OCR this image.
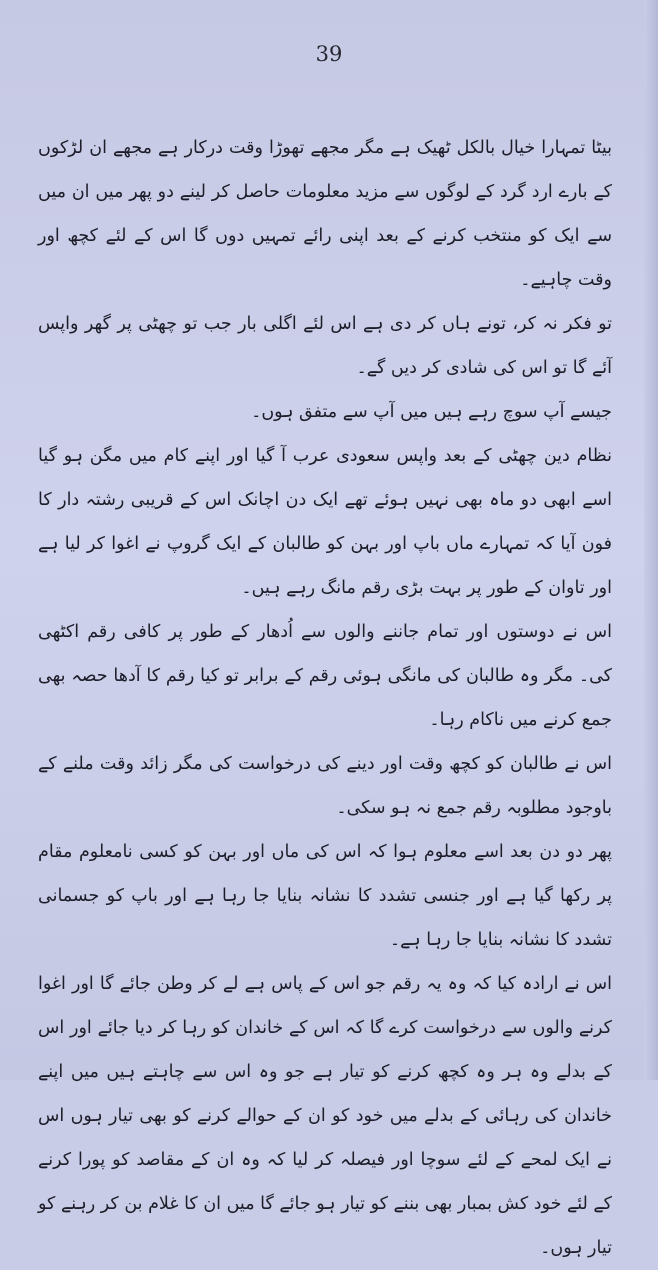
39

بیٹا تمہارا خیال بالکل ٹھیک ہے مگر مجھے تھوڑا وقت درکار ہے مجھے ان لڑکوں کے بارے ارد گرد کے لوگوں سے مزید معلومات حاصل کر لینے دو پھر میں ان میں سے ایک کو منتخب کرنے کے بعد اپنی رائے تمہیں دوں گا اس کے لئے کچھ اور وقت چاہیے۔

تو فکر نہ کر، تونے ہاں کر دی ہے اس لئے اگلی بار جب تو چھٹی پر گھر واپس آئے گا تو اس کی شادی کر دیں گے۔

جیسے آپ سوچ رہے ہیں میں آپ سے متفق ہوں۔

نظام دین چھٹی کے بعد واپس سعودی عرب آ گیا اور اپنے کام میں مگن ہو گیا اسے ابھی دو ماہ بھی نہیں ہوئے تھے ایک دن اچانک اس کے قریبی رشتہ دار کا فون آیا کہ تمہارے ماں باپ اور بہن کو طالبان کے ایک گروپ نے اغوا کر لیا ہے اور تاوان کے طور پر بہت بڑی رقم مانگ رہے ہیں۔

اس نے دوستوں اور تمام جاننے والوں سے اُدھار کے طور پر کافی رقم اکٹھی کی۔ مگر وہ طالبان کی مانگی ہوئی رقم کے برابر تو کیا رقم کا آدھا حصہ بھی جمع کرنے میں ناکام رہا۔

اس نے طالبان کو کچھ وقت اور دینے کی درخواست کی مگر زائد وقت ملنے کے باوجود مطلوبہ رقم جمع نہ ہو سکی۔

پھر دو دن بعد اسے معلوم ہوا کہ اس کی ماں اور بہن کو کسی نامعلوم مقام پر رکھا گیا ہے اور جنسی تشدد کا نشانہ بنایا جا رہا ہے اور باپ کو جسمانی تشدد کا نشانہ بنایا جا رہا ہے۔

اس نے ارادہ کیا کہ وہ یہ رقم جو اس کے پاس ہے لے کر وطن جائے گا اور اغوا کرنے والوں سے درخواست کرے گا کہ اس کے خاندان کو رہا کر دیا جائے اور اس کے بدلے وہ ہر وہ کچھ کرنے کو تیار ہے جو وہ اس سے چاہتے ہیں میں اپنے خاندان کی رہائی کے بدلے میں خود کو ان کے حوالے کرنے کو بھی تیار ہوں اس نے ایک لمحے کے لئے سوچا اور فیصلہ کر لیا کہ وہ ان کے مقاصد کو پورا کرنے کے لئے خود کش بمبار بھی بننے کو تیار ہو جائے گا میں ان کا غلام بن کر رہنے کو تیار ہوں۔
